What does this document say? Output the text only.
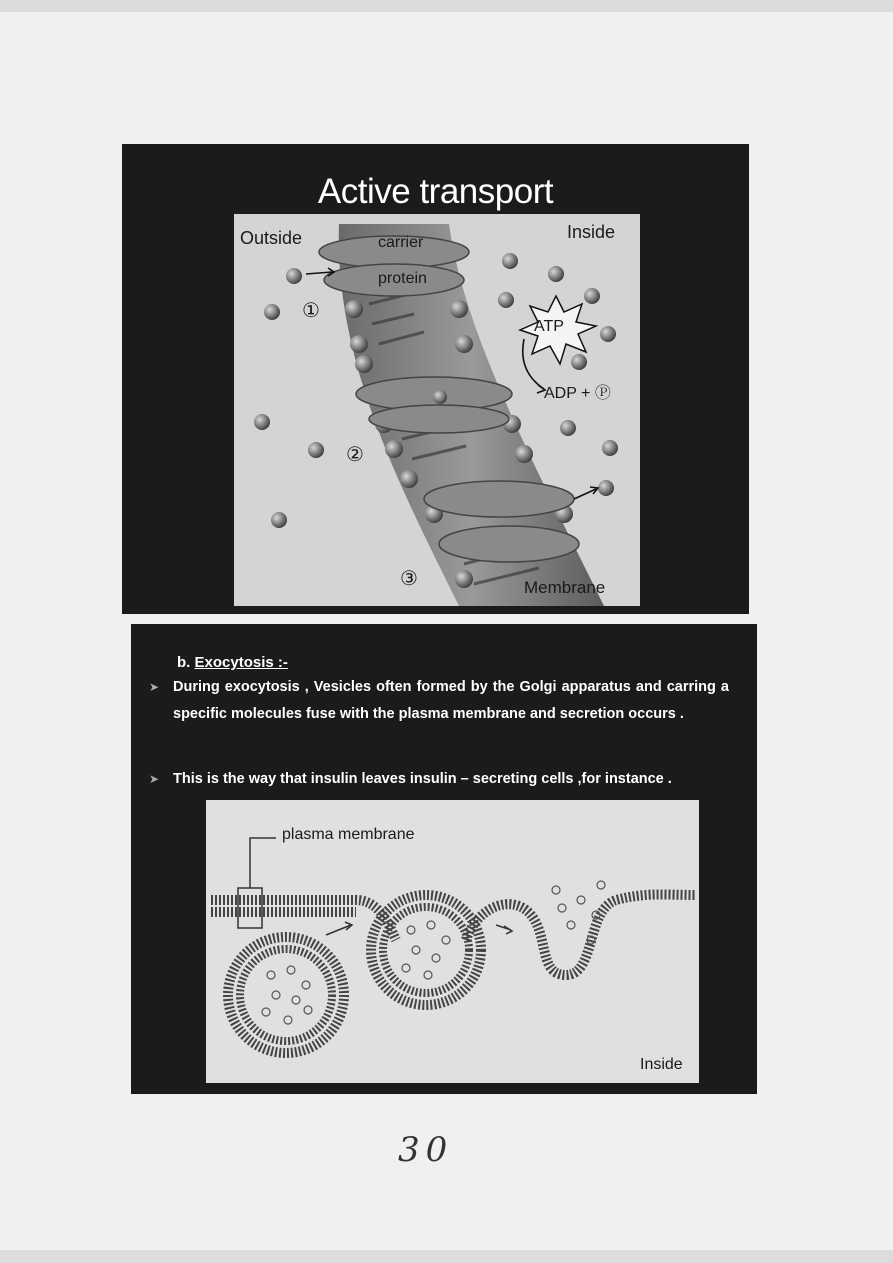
Active transport
Outside	Inside
carrier
protein
ATP
ADP + Ⓟ
①
②
③	Membrane
b. Exocytosis :-
➤ During exocytosis , Vesicles often formed by the Golgi apparatus and carring a specific molecules fuse with the plasma membrane and secretion occurs .
➤ This is the way that insulin leaves insulin – secreting cells ,for instance .
plasma membrane
Inside
30
